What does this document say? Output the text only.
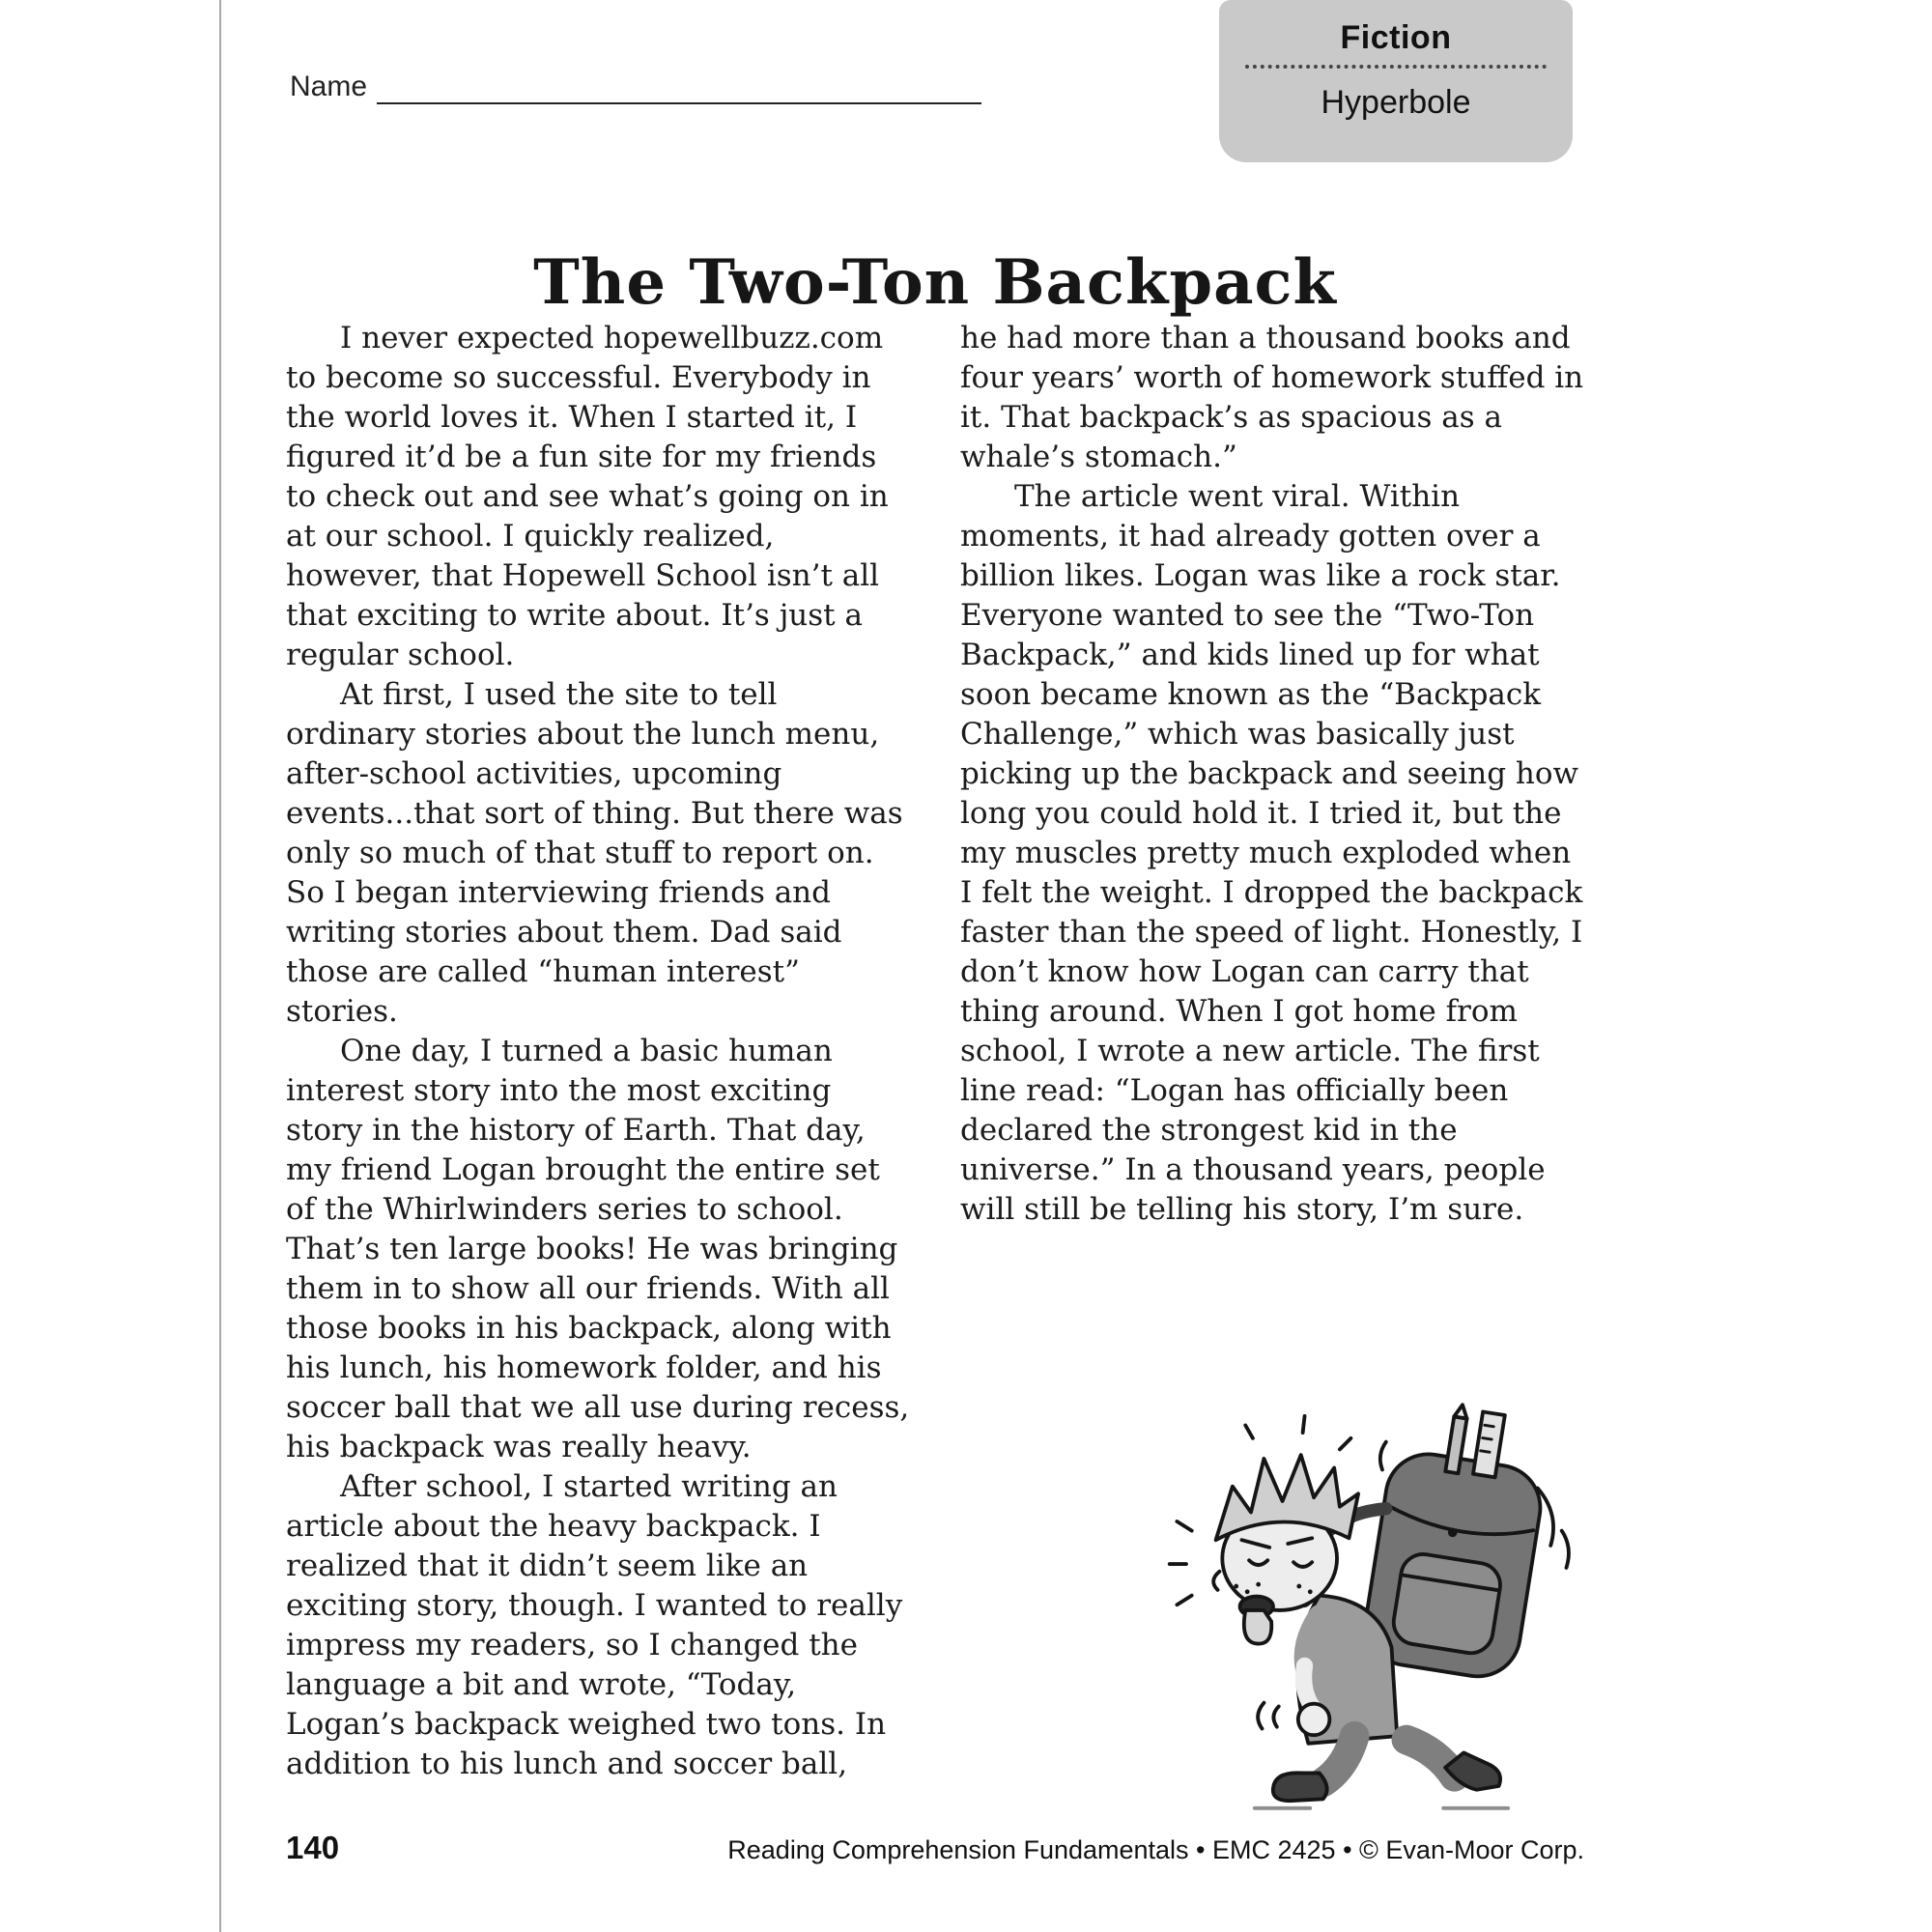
Fiction
Hyperbole
Name
The Two-Ton Backpack

I never expected hopewellbuzz.com to become so successful. Everybody in the world loves it. When I started it, I figured it’d be a fun site for my friends to check out and see what’s going on in at our school. I quickly realized, however, that Hopewell School isn’t all that exciting to write about. It’s just a regular school.

At first, I used the site to tell ordinary stories about the lunch menu, after-school activities, upcoming events...that sort of thing. But there was only so much of that stuff to report on. So I began interviewing friends and writing stories about them. Dad said those are called “human interest” stories.

One day, I turned a basic human interest story into the most exciting story in the history of Earth. That day, my friend Logan brought the entire set of the Whirlwinders series to school. That’s ten large books! He was bringing them in to show all our friends. With all those books in his backpack, along with his lunch, his homework folder, and his soccer ball that we all use during recess, his backpack was really heavy.

After school, I started writing an article about the heavy backpack. I realized that it didn’t seem like an exciting story, though. I wanted to really impress my readers, so I changed the language a bit and wrote, “Today, Logan’s backpack weighed two tons. In addition to his lunch and soccer ball,

he had more than a thousand books and four years’ worth of homework stuffed in it. That backpack’s as spacious as a whale’s stomach.”

The article went viral. Within moments, it had already gotten over a billion likes. Logan was like a rock star. Everyone wanted to see the “Two-Ton Backpack,” and kids lined up for what soon became known as the “Backpack Challenge,” which was basically just picking up the backpack and seeing how long you could hold it. I tried it, but the my muscles pretty much exploded when I felt the weight. I dropped the backpack faster than the speed of light. Honestly, I don’t know how Logan can carry that thing around. When I got home from school, I wrote a new article. The first line read: “Logan has officially been declared the strongest kid in the universe.” In a thousand years, people will still be telling his story, I’m sure.

140	Reading Comprehension Fundamentals • EMC 2425 • © Evan-Moor Corp.
